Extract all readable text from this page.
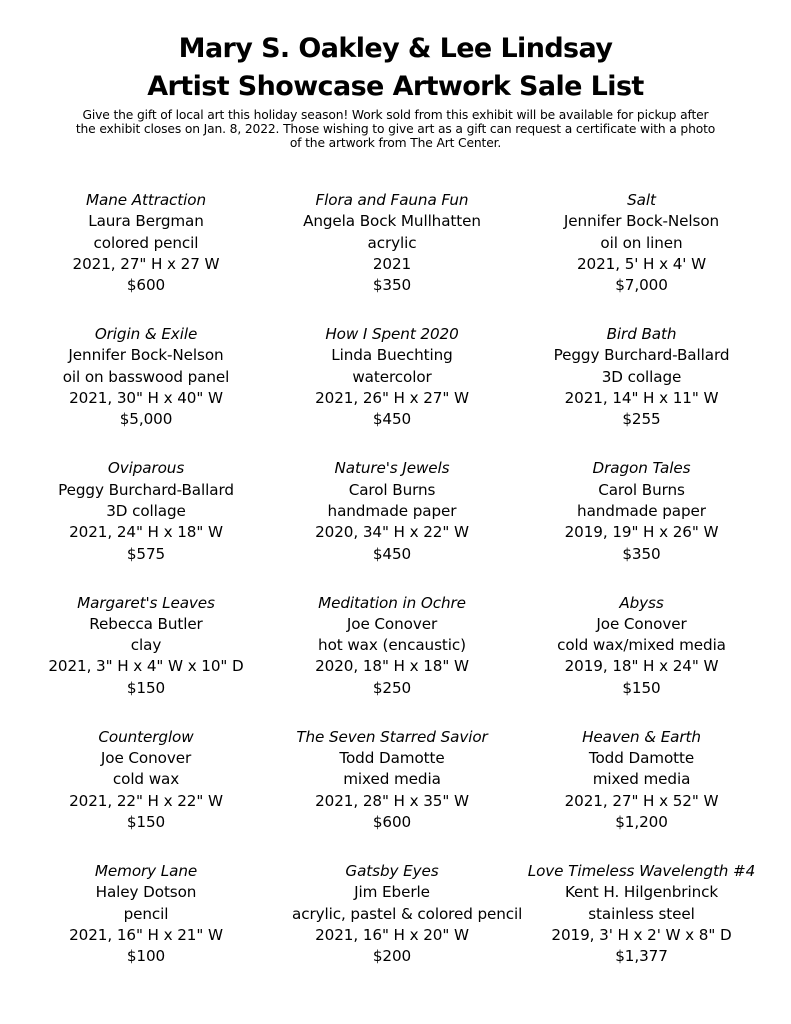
Mary S. Oakley & Lee Lindsay
Artist Showcase Artwork Sale List

Give the gift of local art this holiday season! Work sold from this exhibit will be available for pickup after the exhibit closes on Jan. 8, 2022. Those wishing to give art as a gift can request a certificate with a photo of the artwork from The Art Center.

Mane Attraction
Laura Bergman
colored pencil
2021, 27" H x 27 W
$600
Flora and Fauna Fun
Angela Bock Mullhatten
acrylic
2021
$350
Salt
Jennifer Bock-Nelson
oil on linen
2021, 5' H x 4' W
$7,000
Origin & Exile
Jennifer Bock-Nelson
oil on basswood panel
2021, 30" H x 40" W
$5,000
How I Spent 2020
Linda Buechting
watercolor
2021, 26" H x 27" W
$450
Bird Bath
Peggy Burchard-Ballard
3D collage
2021, 14" H x 11" W
$255
Oviparous
Peggy Burchard-Ballard
3D collage
2021, 24" H x 18" W
$575
Nature's Jewels
Carol Burns
handmade paper
2020, 34" H x 22" W
$450
Dragon Tales
Carol Burns
handmade paper
2019, 19" H x 26" W
$350
Margaret's Leaves
Rebecca Butler
clay
2021, 3" H x 4" W x 10" D
$150
Meditation in Ochre
Joe Conover
hot wax (encaustic)
2020, 18" H x 18" W
$250
Abyss
Joe Conover
cold wax/mixed media
2019, 18" H x 24" W
$150
Counterglow
Joe Conover
cold wax
2021, 22" H x 22" W
$150
The Seven Starred Savior
Todd Damotte
mixed media
2021, 28" H x 35" W
$600
Heaven & Earth
Todd Damotte
mixed media
2021, 27" H x 52" W
$1,200
Memory Lane
Haley Dotson
pencil
2021, 16" H x 21" W
$100
Gatsby Eyes
Jim Eberle
acrylic, pastel & colored pencil
2021, 16" H x 20" W
$200
Love Timeless Wavelength #4
Kent H. Hilgenbrinck
stainless steel
2019, 3' H x 2' W x 8" D
$1,377
